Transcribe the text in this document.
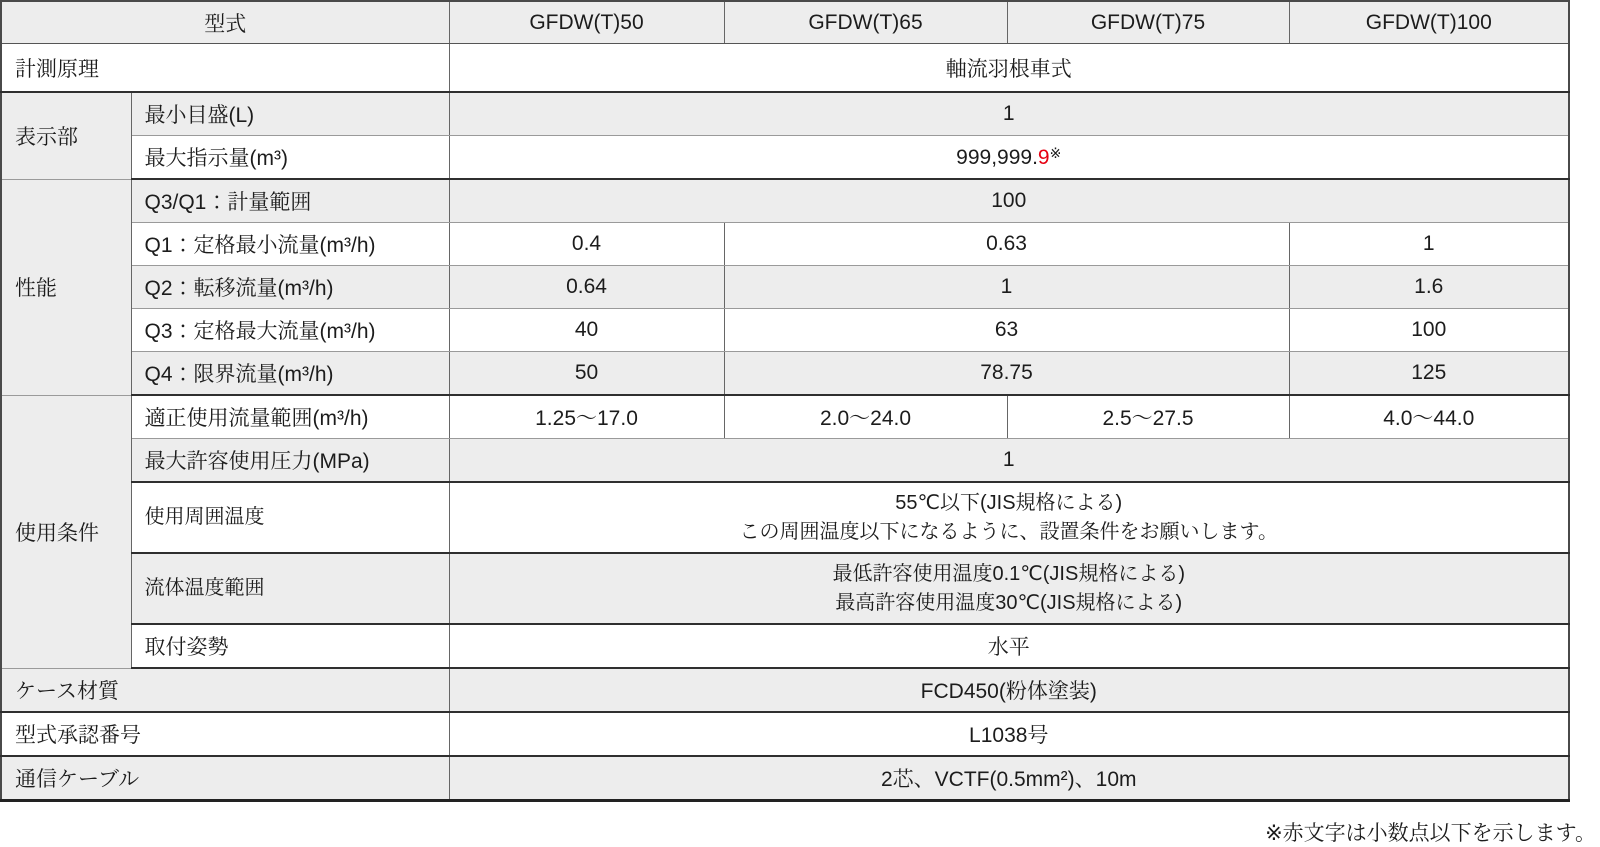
型式		GFDW(T)50	GFDW(T)65	GFDW(T)75	GFDW(T)100
計測原理		軸流羽根車式			
表示部	最小目盛(L)	1			
	最大指示量(m³)	999,999.9※
性能	Q3/Q1：計量範囲	100			
	Q1：定格最小流量(m³/h)	0.4	0.63		1
	Q2：転移流量(m³/h)	0.64	1		1.6
	Q3：定格最大流量(m³/h)	40	63		100
	Q4：限界流量(m³/h)	50	78.75		125
使用条件	適正使用流量範囲(m³/h)	1.25〜17.0	2.0〜24.0	2.5〜27.5	4.0〜44.0
	最大許容使用圧力(MPa)	1			
	使用周囲温度	55℃以下(JIS規格による)
この周囲温度以下になるように、設置条件をお願いします。			

	流体温度範囲	最低許容使用温度0.1℃(JIS規格による)
最高許容使用温度30℃(JIS規格による)			

	取付姿勢	水平			
ケース材質		FCD450(粉体塗装)			
型式承認番号		L1038号			
通信ケーブル		2芯、VCTF(0.5mm²)、10m			
※赤文字は小数点以下を示します。
